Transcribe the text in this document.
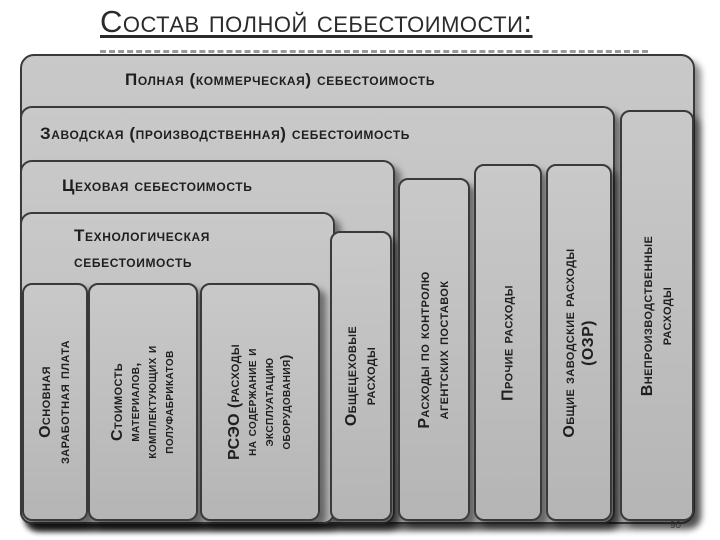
Состав полной себестоимости:
Полная (коммерческая) себестоимость
Заводская (производственная) себестоимость
Цеховая себестоимость
Технологическая
себестоимость
Основная заработная плата Стоимость материалов, комплектующих и полуфабрикатов	РСЭО (расходы на содержание и эксплуатацию оборудования)	Общецеховые расходы Расходы по контролю агентских поставок	Прочие расходы	Общие заводские расходы (ОЗР)	Внепроизводственные расходы
90
